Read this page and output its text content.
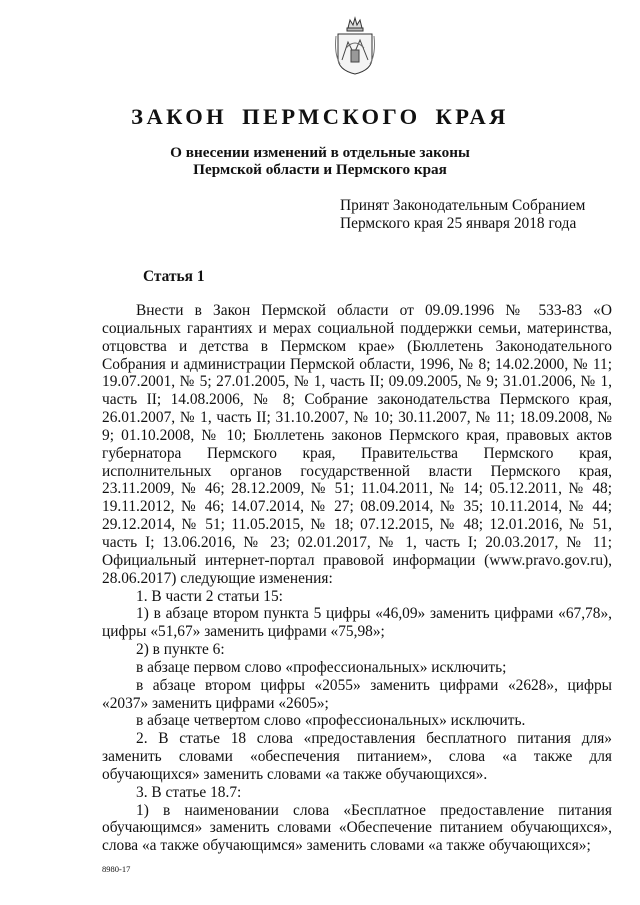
ЗАКОН ПЕРМСКОГО КРАЯ
О внесении изменений в отдельные законы
Пермской области и Пермского края
Принят Законодательным Собранием
Пермского края 25 января 2018 года
Статья 1

Внести в Закон Пермской области от 09.09.1996 № 533-83 «О социальных гарантиях и мерах социальной поддержки семьи, материнства, отцовства и детства в Пермском крае» (Бюллетень Законодательного Собрания и администрации Пермской области, 1996, № 8; 14.02.2000, № 11; 19.07.2001, № 5; 27.01.2005, № 1, часть II; 09.09.2005, № 9; 31.01.2006, № 1, часть II; 14.08.2006, № 8; Собрание законодательства Пермского края, 26.01.2007, № 1, часть II; 31.10.2007, № 10; 30.11.2007, № 11; 18.09.2008, № 9; 01.10.2008, № 10; Бюллетень законов Пермского края, правовых актов губернатора Пермского края, Правительства Пермского края, исполнительных органов государственной власти Пермского края, 23.11.2009, № 46; 28.12.2009, № 51; 11.04.2011, № 14; 05.12.2011, № 48; 19.11.2012, № 46; 14.07.2014, № 27; 08.09.2014, № 35; 10.11.2014, № 44; 29.12.2014, № 51; 11.05.2015, № 18; 07.12.2015, № 48; 12.01.2016, № 51, часть I; 13.06.2016, № 23; 02.01.2017, № 1, часть I; 20.03.2017, № 11; Официальный интернет-портал правовой информации (www.pravo.gov.ru), 28.06.2017) следующие изменения:

1. В части 2 статьи 15:

1) в абзаце втором пункта 5 цифры «46,09» заменить цифрами «67,78», цифры «51,67» заменить цифрами «75,98»;

2) в пункте 6:

в абзаце первом слово «профессиональных» исключить;

в абзаце втором цифры «2055» заменить цифрами «2628», цифры «2037» заменить цифрами «2605»;

в абзаце четвертом слово «профессиональных» исключить.

2. В статье 18 слова «предоставления бесплатного питания для» заменить словами «обеспечения питанием», слова «а также для обучающихся» заменить словами «а также обучающихся».

3. В статье 18.7:

1) в наименовании слова «Бесплатное предоставление питания обучающимся» заменить словами «Обеспечение питанием обучающихся», слова «а также обучающимся» заменить словами «а также обучающихся»;

8980-17
